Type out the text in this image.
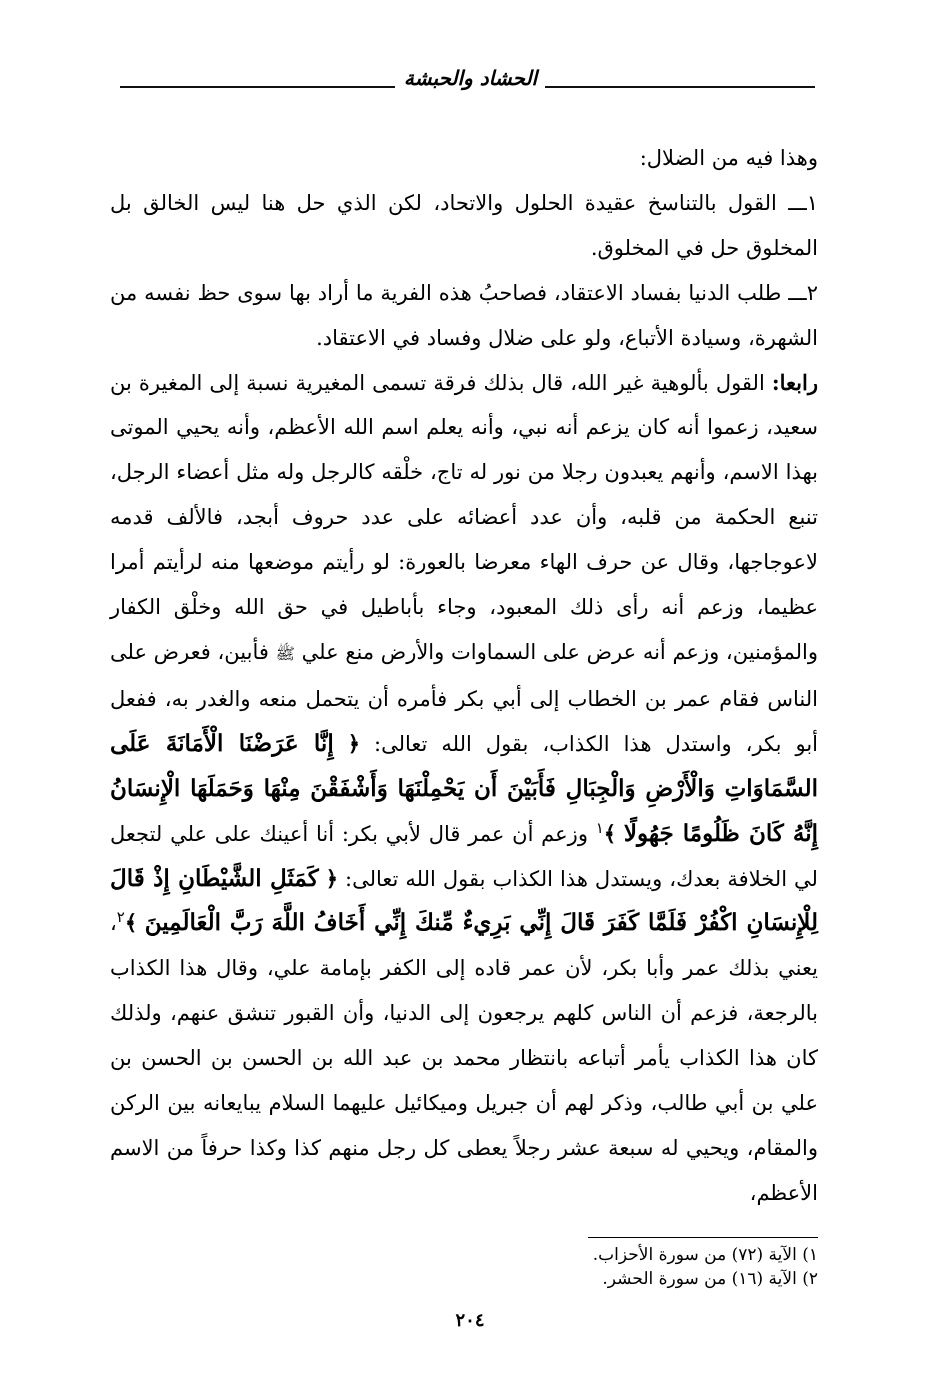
الحشاد والحبشة

وهذا فيه من الضلال:

١ـــ القول بالتناسخ عقيدة الحلول والاتحاد، لكن الذي حل هنا ليس الخالق بل المخلوق حل في المخلوق.

٢ـــ طلب الدنيا بفساد الاعتقاد، فصاحبُ هذه الفرية ما أراد بها سوى حظ نفسه من الشهرة، وسيادة الأتباع، ولو على ضلال وفساد في الاعتقاد.

رابعا: القول بألوهية غير الله، قال بذلك فرقة تسمى المغيرية نسبة إلى المغيرة بن سعيد، زعموا أنه كان يزعم أنه نبي، وأنه يعلم اسم الله الأعظم، وأنه يحيي الموتى بهذا الاسم، وأنهم يعبدون رجلا من نور له تاج، خلْقه كالرجل وله مثل أعضاء الرجل، تنبع الحكمة من قلبه، وأن عدد أعضائه على عدد حروف أبجد، فالألف قدمه لاعوجاجها، وقال عن حرف الهاء معرضا بالعورة: لو رأيتم موضعها منه لرأيتم أمرا عظيما، وزعم أنه رأى ذلك المعبود، وجاء بأباطيل في حق الله وخلْق الكفار والمؤمنين، وزعم أنه عرض على السماوات والأرض منع علي ﷺ فأبين، فعرض على الناس فقام عمر بن الخطاب إلى أبي بكر فأمره أن يتحمل منعه والغدر به، ففعل أبو بكر، واستدل هذا الكذاب، بقول الله تعالى: ﴿ إِنَّا عَرَضْنَا الْأَمَانَةَ عَلَى السَّمَاوَاتِ وَالْأَرْضِ وَالْجِبَالِ فَأَبَيْنَ أَن يَحْمِلْنَهَا وَأَشْفَقْنَ مِنْهَا وَحَمَلَهَا الْإِنسَانُ إِنَّهُ كَانَ ظَلُومًا جَهُولًا ﴾$^١$ وزعم أن عمر قال لأبي بكر: أنا أعينك على علي لتجعل لي الخلافة بعدك، ويستدل هذا الكذاب بقول الله تعالى: ﴿ كَمَثَلِ الشَّيْطَانِ إِذْ قَالَ لِلْإِنسَانِ اكْفُرْ فَلَمَّا كَفَرَ قَالَ إِنِّي بَرِيءٌ مِّنكَ إِنِّي أَخَافُ اللَّهَ رَبَّ الْعَالَمِينَ ﴾$^٢$، يعني بذلك عمر وأبا بكر، لأن عمر قاده إلى الكفر بإمامة علي، وقال هذا الكذاب بالرجعة، فزعم أن الناس كلهم يرجعون إلى الدنيا، وأن القبور تنشق عنهم، ولذلك كان هذا الكذاب يأمر أتباعه بانتظار محمد بن عبد الله بن الحسن بن الحسن بن علي بن أبي طالب، وذكر لهم أن جبريل وميكائيل عليهما السلام يبايعانه بين الركن والمقام، ويحيي له سبعة عشر رجلاً يعطى كل رجل منهم كذا وكذا حرفاً من الاسم الأعظم،

١) الآية (٧٢) من سورة الأحزاب.

٢) الآية (١٦) من سورة الحشر.

٢٠٤
